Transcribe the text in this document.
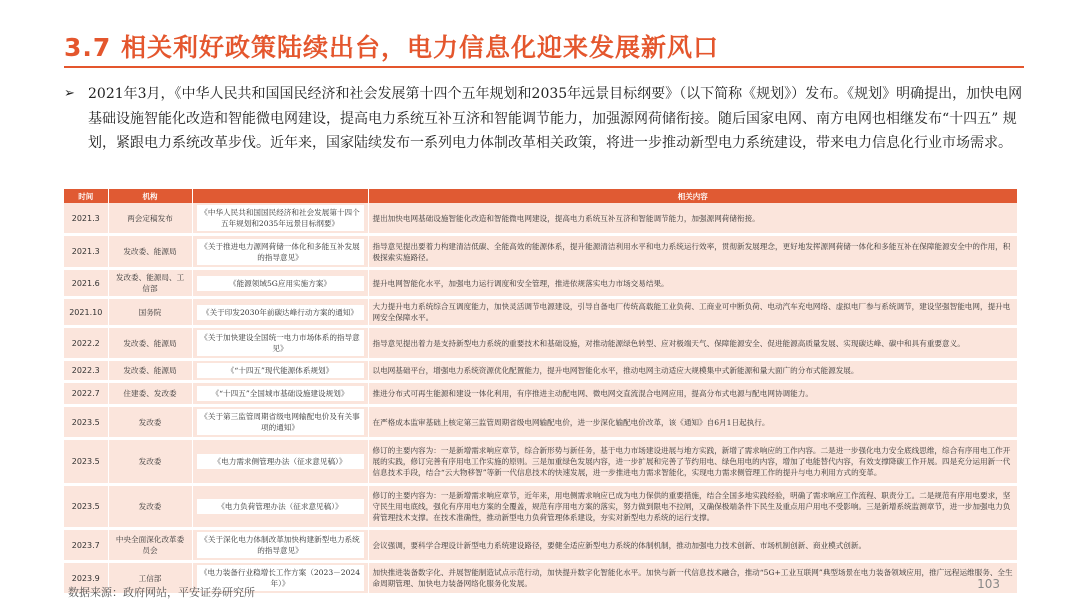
3.7 相关利好政策陆续出台，电力信息化迎来发展新风口
➢ 2021年3月，《中华人民共和国国民经济和社会发展第十四个五年规划和2035年远景目标纲要》（以下简称《规划》）发布。《规划》明确提出，加快电网基础设施智能化改造和智能微电网建设，提高电力系统互补互济和智能调节能力，加强源网荷储衔接。随后国家电网、南方电网也相继发布“十四五” 规划，紧跟电力系统改革步伐。近年来，国家陆续发布一系列电力体制改革相关政策，将进一步推动新型电力系统建设，带来电力信息化行业市场需求。
时间	机构		相关内容
2021.3	两会定稿发布	《中华人民共和国国民经济和社会发展第十四个五年规划和2035年远景目标纲要》	提出加快电网基础设施智能化改造和智能微电网建设，提高电力系统互补互济和智能调节能力，加强源网荷储衔接。
2021.3	发改委、能源局	《关于推进电力源网荷储一体化和多能互补发展的指导意见》	指导意见提出要着力构建清洁低碳、全能高效的能源体系，提升能源清洁利用水平和电力系统运行效率，贯彻新发展理念，更好地发挥源网荷储一体化和多能互补在保障能源安全中的作用，积极探索实施路径。
2021.6	发改委、能源局、工信部	《能源领域5G应用实施方案》	提升电网智能化水平，加强电力运行调度和安全管理，推进依规落实电力市场交易结果。
2021.10	国务院	《关于印发2030年前碳达峰行动方案的通知》	大力提升电力系统综合互调度能力，加快灵活调节电源建设，引导自备电厂传统高载能工业负荷、工商业可中断负荷、电动汽车充电网络、虚拟电厂参与系统调节，建设坚强智能电网，提升电网安全保障水平。
2022.2	发改委、能源局	《关于加快建设全国统一电力市场体系的指导意见》	指导意见提出着力是支持新型电力系统的重要技术和基础设施，对推动能源绿色转型、应对极端天气、保障能源安全、促进能源高质量发展、实现碳达峰、碳中和具有重要意义。
2022.3	发改委、能源局	《“十四五”现代能源体系规划》	以电网基础平台，增强电力系统资源优化配置能力，提升电网智能化水平，推动电网主动适应大规模集中式新能源和量大面广的分布式能源发展。
2022.7	住建委、发改委	《“十四五”全国城市基础设施建设规划》	推进分布式可再生能源和建设一体化利用，有序推进主动配电网、微电网交直流混合电网应用，提高分布式电源与配电网协调能力。
2023.5	发改委	《关于第三监管周期省级电网输配电价及有关事项的通知》	在严格成本监审基础上核定第三监管周期省级电网输配电价，进一步深化输配电价改革，该《通知》自6月1日起执行。
2023.5	发改委	《电力需求侧管理办法（征求意见稿）》	修订的主要内容为：一是新增需求响应章节，综合新形势与新任务，基于电力市场建设进展与地方实践，新增了需求响应的工作内容。二是进一步强化电力安全底线思维，综合有序用电工作开展的实践，修订完善有序用电工作实施的原则。三是加重绿色发展内容，进一步扩展和完善了节约用电、绿色用电的内容，增加了电能替代内容，有效支撑降碳工作开展。四是充分运用新一代信息技术手段，结合“云大物移智”等新一代信息技术的快速发展，进一步推进电力需求智能化，实现电力需求侧管理工作的提升与电力利用方式的变革。
2023.5	发改委	《电力负荷管理办法（征求意见稿）》	修订的主要内容为：一是新增需求响应章节，近年来，用电侧需求响应已成为电力保供的重要措施，结合全国多地实践经验，明确了需求响应工作流程、职责分工。二是规范有序用电要求，坚守民生用电底线，强化有序用电方案的全覆盖，规范有序用电方案的落实，努力做到限电不拉闸，又确保极端条件下民生及重点用户用电不受影响。三是新增系统监测章节，进一步加强电力负荷管理技术支撑。在技术准确性，推动新型电力负荷管理体系建设，夯实对新型电力系统的运行支撑。
2023.7	中央全面深化改革委员会	《关于深化电力体制改革加快构建新型电力系统的指导意见》	会议强调，要科学合理设计新型电力系统建设路径，要健全适应新型电力系统的体制机制，推动加强电力技术创新、市场机制创新、商业模式创新。
2023.9	工信部	《电力装备行业稳增长工作方案（2023－2024年）》	加快推进装备数字化、并展智能制造试点示范行动，加快提升数字化智能化水平。加快与新一代信息技术融合，推动“5G+工业互联网”典型场景在电力装备领域应用，推广远程运维服务、全生命周期管理、加快电力装备网络化服务化发展。	103
数据来源：政府网站，平安证券研究所
